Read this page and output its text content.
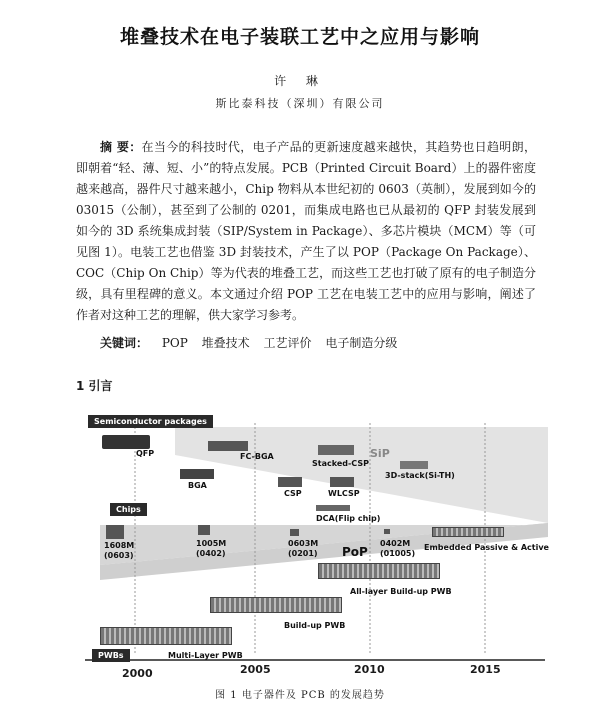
堆叠技术在电子装联工艺中之应用与影响
许 琳
斯比泰科技（深圳）有限公司

摘 要：在当今的科技时代，电子产品的更新速度越来越快，其趋势也日趋明朗，即朝着“轻、薄、短、小”的特点发展。PCB（Printed Circuit Board）上的器件密度越来越高，器件尺寸越来越小，Chip 物料从本世纪初的 0603（英制），发展到如今的 03015（公制），甚至到了公制的 0201，而集成电路也已从最初的 QFP 封装发展到如今的 3D 系统集成封装（SIP/System in Package）、多芯片模块（MCM）等（可见图 1）。电装工艺也借鉴 3D 封装技术，产生了以 POP（Package On Package）、COC（Chip On Chip）等为代表的堆叠工艺，而这些工艺也打破了原有的电子制造分级，具有里程碑的意义。本文通过介绍 POP 工艺在电装工艺中的应用与影响，阐述了作者对这种工艺的理解，供大家学习参考。

关键词： POP 堆叠技术 工艺评价 电子制造分级
1 引言
Semiconductor packages
QFP	FC-BGA
Stacked-CSP
SiP
3D-stack(Si-TH)
BGA
CSP	WLCSP
DCA(Flip chip)
Chips
1608M
(0603)
1005M
(0402)
0603M
(0201)
0402M
(01005)
PoP	Embedded Passive & Active
All-layer Build-up PWB
Build-up PWB
PWBs	Multi-Layer PWB
2000	2005	2010	2015
图 1 电子器件及 PCB 的发展趋势
